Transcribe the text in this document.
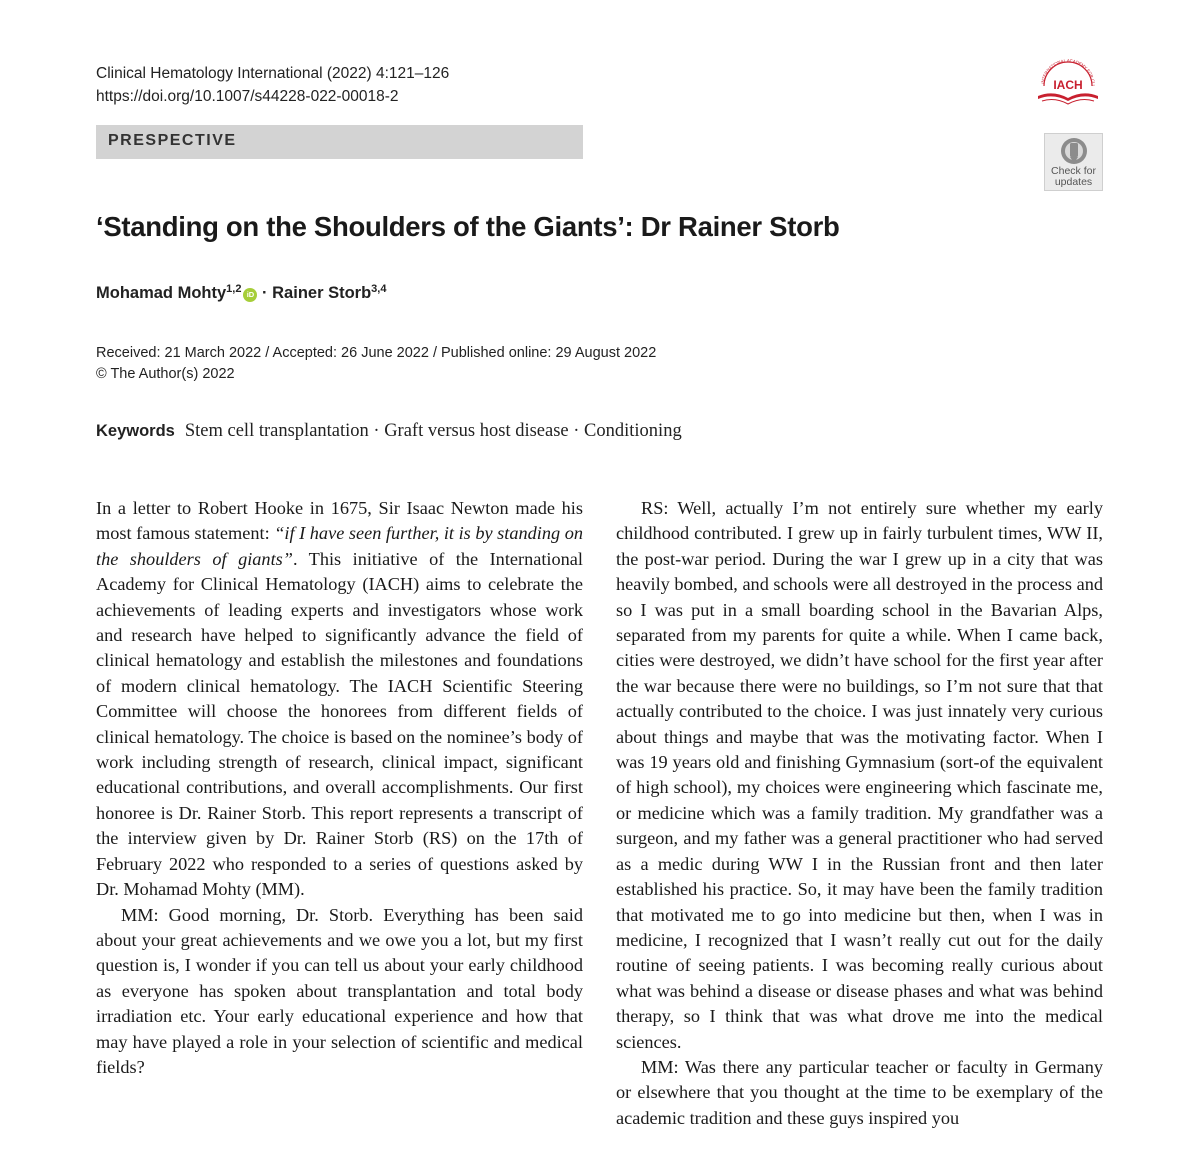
Clinical Hematology International (2022) 4:121–126
https://doi.org/10.1007/s44228-022-00018-2
INTERNATIONAL ACADEMY FOR CLI
IACH
PRESPECTIVE
Check for
updates
‘Standing on the Shoulders of the Giants’: Dr Rainer Storb
Mohamad Mohty$^{1,2}$ iD · Rainer Storb$^{3,4}$
Received: 21 March 2022 / Accepted: 26 June 2022 / Published online: 29 August 2022
© The Author(s) 2022
Keywords Stem cell transplantation · Graft versus host disease · Conditioning

In a letter to Robert Hooke in 1675, Sir Isaac Newton made his most famous statement: “if I have seen further, it is by standing on the shoulders of giants”. This initiative of the International Academy for Clinical Hematology (IACH) aims to celebrate the achievements of leading experts and investigators whose work and research have helped to significantly advance the field of clinical hematology and establish the milestones and foundations of modern clinical hematology. The IACH Scientific Steering Committee will choose the honorees from different fields of clinical hematology. The choice is based on the nominee’s body of work including strength of research, clinical impact, significant educational contributions, and overall accomplishments. Our first honoree is Dr. Rainer Storb. This report represents a transcript of the interview given by Dr. Rainer Storb (RS) on the 17th of February 2022 who responded to a series of questions asked by Dr. Mohamad Mohty (MM).

MM: Good morning, Dr. Storb. Everything has been said about your great achievements and we owe you a lot, but my first question is, I wonder if you can tell us about your early childhood as everyone has spoken about transplantation and total body irradiation etc. Your early educational experience and how that may have played a role in your selection of scientific and medical fields?

RS: Well, actually I’m not entirely sure whether my early childhood contributed. I grew up in fairly turbulent times, WW II, the post-war period. During the war I grew up in a city that was heavily bombed, and schools were all destroyed in the process and so I was put in a small boarding school in the Bavarian Alps, separated from my parents for quite a while. When I came back, cities were destroyed, we didn’t have school for the first year after the war because there were no buildings, so I’m not sure that that actually contributed to the choice. I was just innately very curious about things and maybe that was the motivating factor. When I was 19 years old and finishing Gymnasium (sort-of the equivalent of high school), my choices were engineering which fascinate me, or medicine which was a family tradition. My grandfather was a surgeon, and my father was a general practitioner who had served as a medic during WW I in the Russian front and then later established his practice. So, it may have been the family tradition that motivated me to go into medicine but then, when I was in medicine, I recognized that I wasn’t really cut out for the daily routine of seeing patients. I was becoming really curious about what was behind a disease or disease phases and what was behind therapy, so I think that was what drove me into the medical sciences.

MM: Was there any particular teacher or faculty in Germany or elsewhere that you thought at the time to be exemplary of the academic tradition and these guys inspired you
